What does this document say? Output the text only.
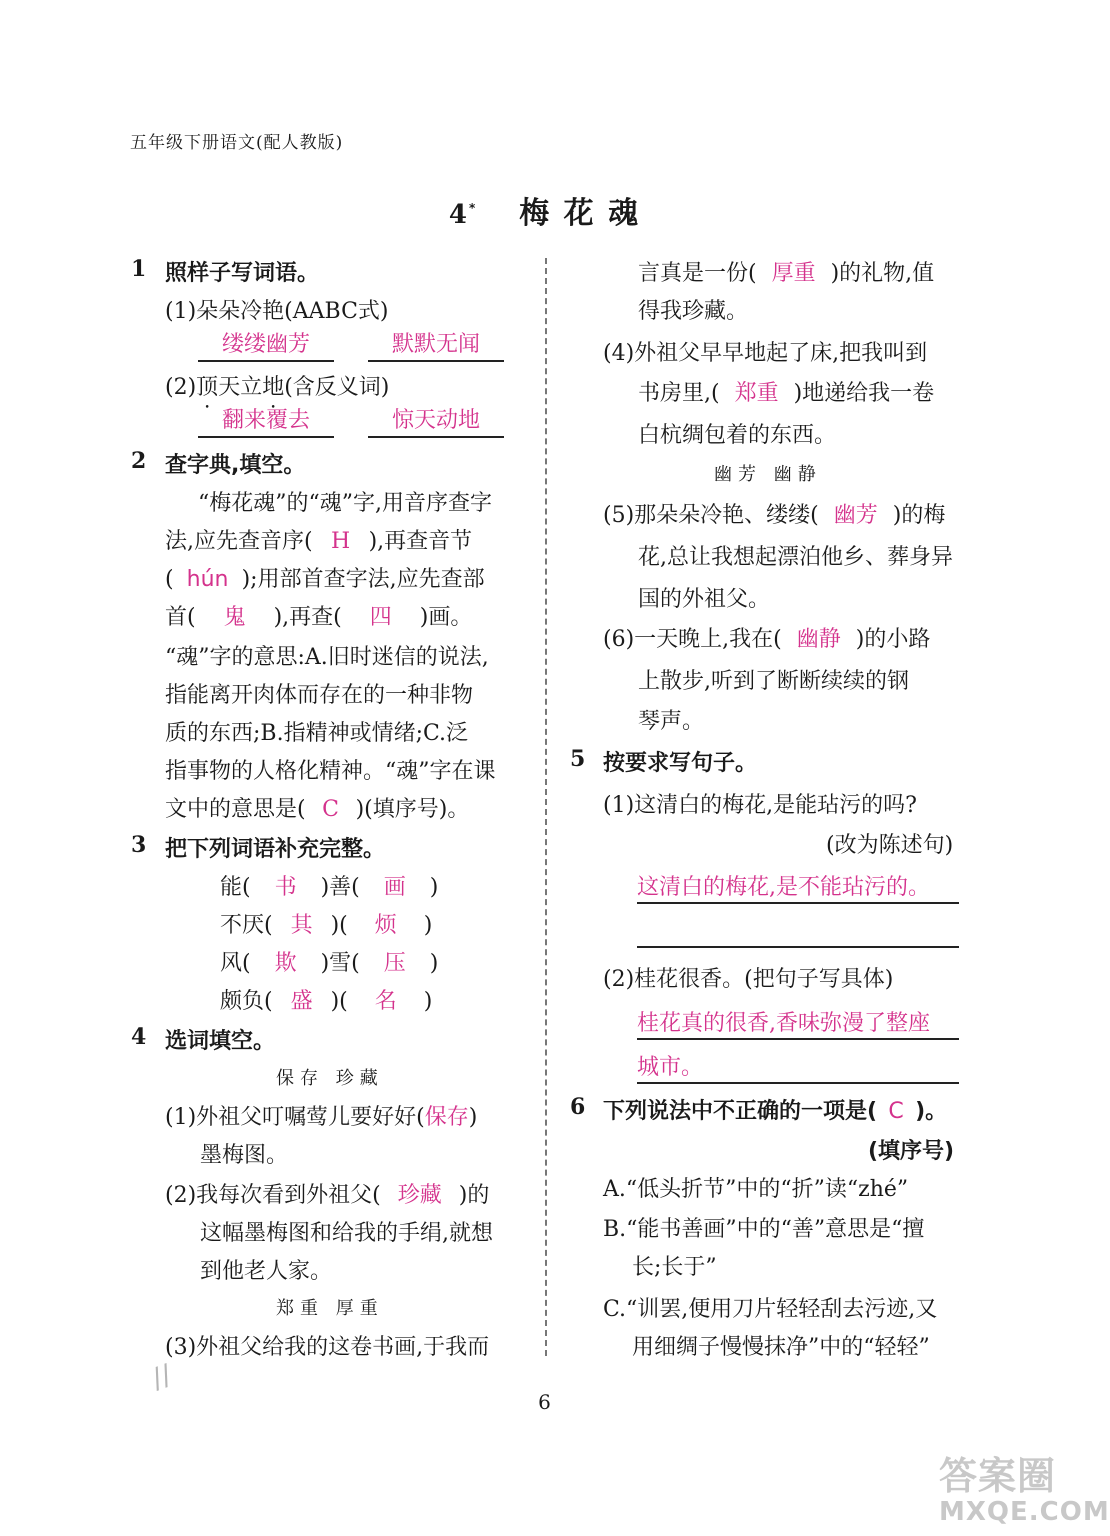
五年级下册语文(配人教版)
4* 梅 花 魂
1 照样子写词语。
(1)朵朵冷艳(AABC式)
缕缕幽芳	默默无闻
(2)顶天立地(含反义词)
翻来覆去	惊天动地
2 查字典,填空。
“梅花魂”的“魂”字,用音序查字
法,应先查音序( H ),再查音节
( hún );用部首查字法,应先查部
首( 鬼 ),再查( 四 )画。
“魂”字的意思:A.旧时迷信的说法,
指能离开肉体而存在的一种非物
质的东西;B.指精神或情绪;C.泛
指事物的人格化精神。“魂”字在课
文中的意思是( C )(填序号)。
3 把下列词语补充完整。
能( 书 )善( 画 )
不厌( 其 )( 烦 )
风( 欺 )雪( 压 )
颇负( 盛 )( 名 )
4 选词填空。
保存 珍藏
(1)外祖父叮嘱莺儿要好好(保存)
墨梅图。
(2)我每次看到外祖父( 珍藏 )的
这幅墨梅图和给我的手绢,就想
到他老人家。
郑重 厚重
(3)外祖父给我的这卷书画,于我而
言真是一份( 厚重 )的礼物,值
得我珍藏。
(4)外祖父早早地起了床,把我叫到
书房里,( 郑重 )地递给我一卷
白杭绸包着的东西。
幽芳 幽静
(5)那朵朵冷艳、缕缕( 幽芳 )的梅
花,总让我想起漂泊他乡、葬身异
国的外祖父。
(6)一天晚上,我在( 幽静 )的小路
上散步,听到了断断续续的钢
琴声。
5 按要求写句子。
(1)这清白的梅花,是能玷污的吗?
(改为陈述句)
这清白的梅花,是不能玷污的。
(2)桂花很香。(把句子写具体)
桂花真的很香,香味弥漫了整座
城市。
6 下列说法中不正确的一项是( C )。
(填序号)
A.“低头折节”中的“折”读“zhé”
B.“能书善画”中的“善”意思是“擅
长;长于”
C.“训罢,便用刀片轻轻刮去污迹,又
用细绸子慢慢抹净”中的“轻轻”
//
6
答案圈
MXQE.COM
